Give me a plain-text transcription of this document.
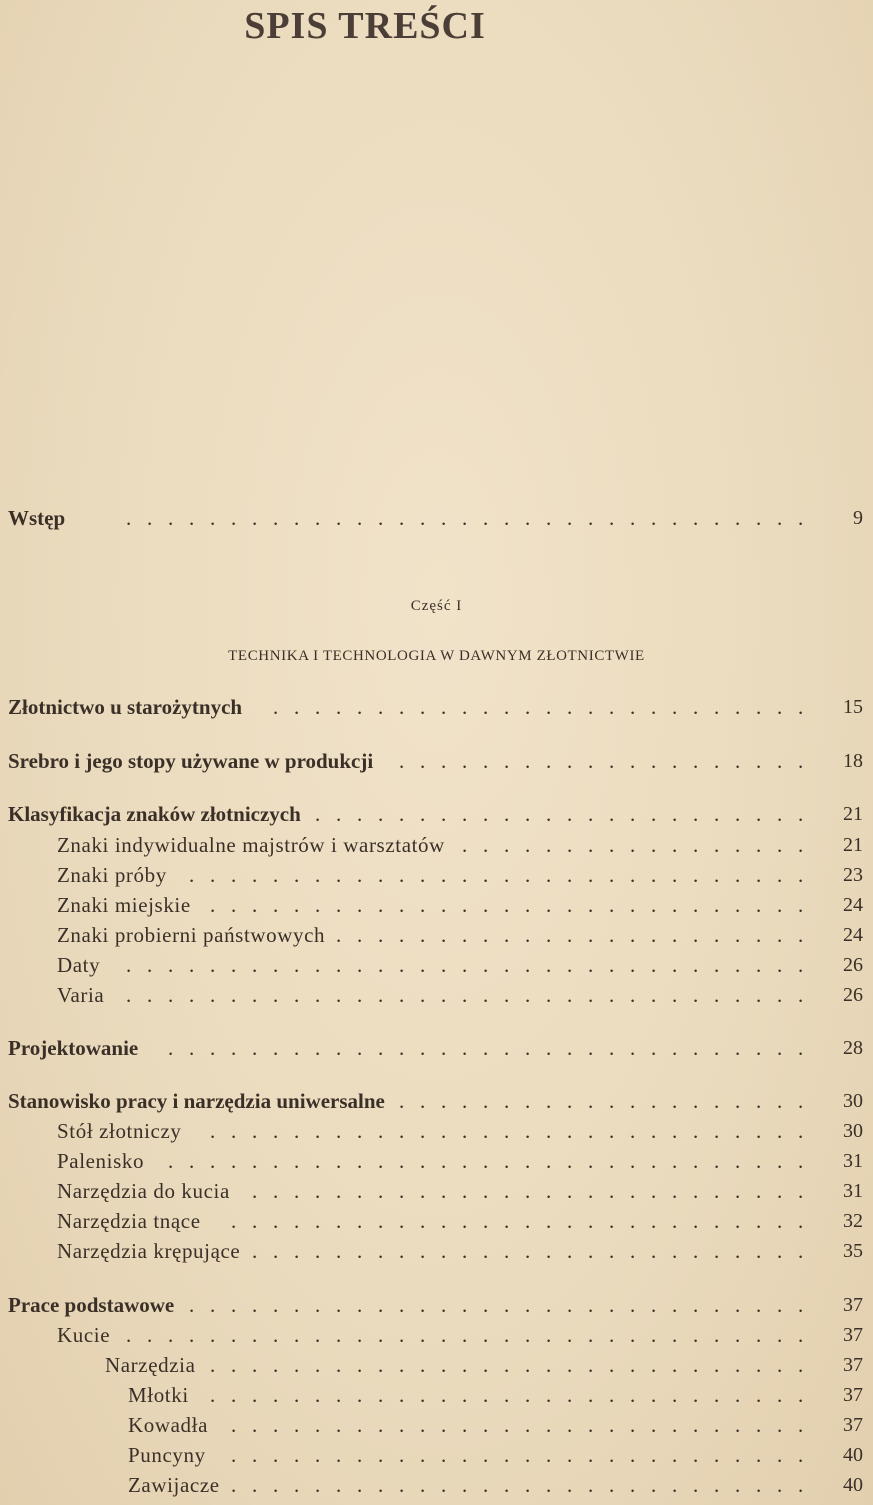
SPIS TREŚCI
Wstęp	. . . . . . . . . . . . . . . . . . . . . . . . . . . . . . . . .	9
Część I
TECHNIKA I TECHNOLOGIA W DAWNYM ZŁOTNICTWIE
Złotnictwo u starożytnych . . . . . . . . . . . . . . . . . . . . . . . . . .	15
Srebro i jego stopy używane w produkcji . . . . . . . . . . . . . . . . . . . .	18
Klasyfikacja znaków złotniczych . . . . . . . . . . . . . . . . . . . . . . . .	21
Znaki indywidualne majstrów i warsztatów . . . . . . . . . . . . . . . . .	21
Znaki próby . . . . . . . . . . . . . . . . . . . . . . . . . . . . . .	23
Znaki miejskie . . . . . . . . . . . . . . . . . . . . . . . . . . . . .	24
Znaki probierni państwowych . . . . . . . . . . . . . . . . . . . . . . .	24
Daty . . . . . . . . . . . . . . . . . . . . . . . . . . . . . . . . .	26
Varia . . . . . . . . . . . . . . . . . . . . . . . . . . . . . . . . .	26
Projektowanie . . . . . . . . . . . . . . . . . . . . . . . . . . . . . . .	28
Stanowisko pracy i narzędzia uniwersalne . . . . . . . . . . . . . . . . . . . .	30
Stół złotniczy . . . . . . . . . . . . . . . . . . . . . . . . . . . . .	30
Palenisko . . . . . . . . . . . . . . . . . . . . . . . . . . . . . . .	31
Narzędzia do kucia . . . . . . . . . . . . . . . . . . . . . . . . . . .	31
Narzędzia tnące . . . . . . . . . . . . . . . . . . . . . . . . . . . .	32
Narzędzia krępujące . . . . . . . . . . . . . . . . . . . . . . . . . . .	35
Prace podstawowe . . . . . . . . . . . . . . . . . . . . . . . . . . . . . .	37
Kucie . . . . . . . . . . . . . . . . . . . . . . . . . . . . . . . . .	37
Narzędzia . . . . . . . . . . . . . . . . . . . . . . . . . . . . .	37
Młotki . . . . . . . . . . . . . . . . . . . . . . . . . . . . .	37
Kowadła . . . . . . . . . . . . . . . . . . . . . . . . . . . .	37
Puncyny . . . . . . . . . . . . . . . . . . . . . . . . . . . .	40
Zawijacze . . . . . . . . . . . . . . . . . . . . . . . . . . . .	40
